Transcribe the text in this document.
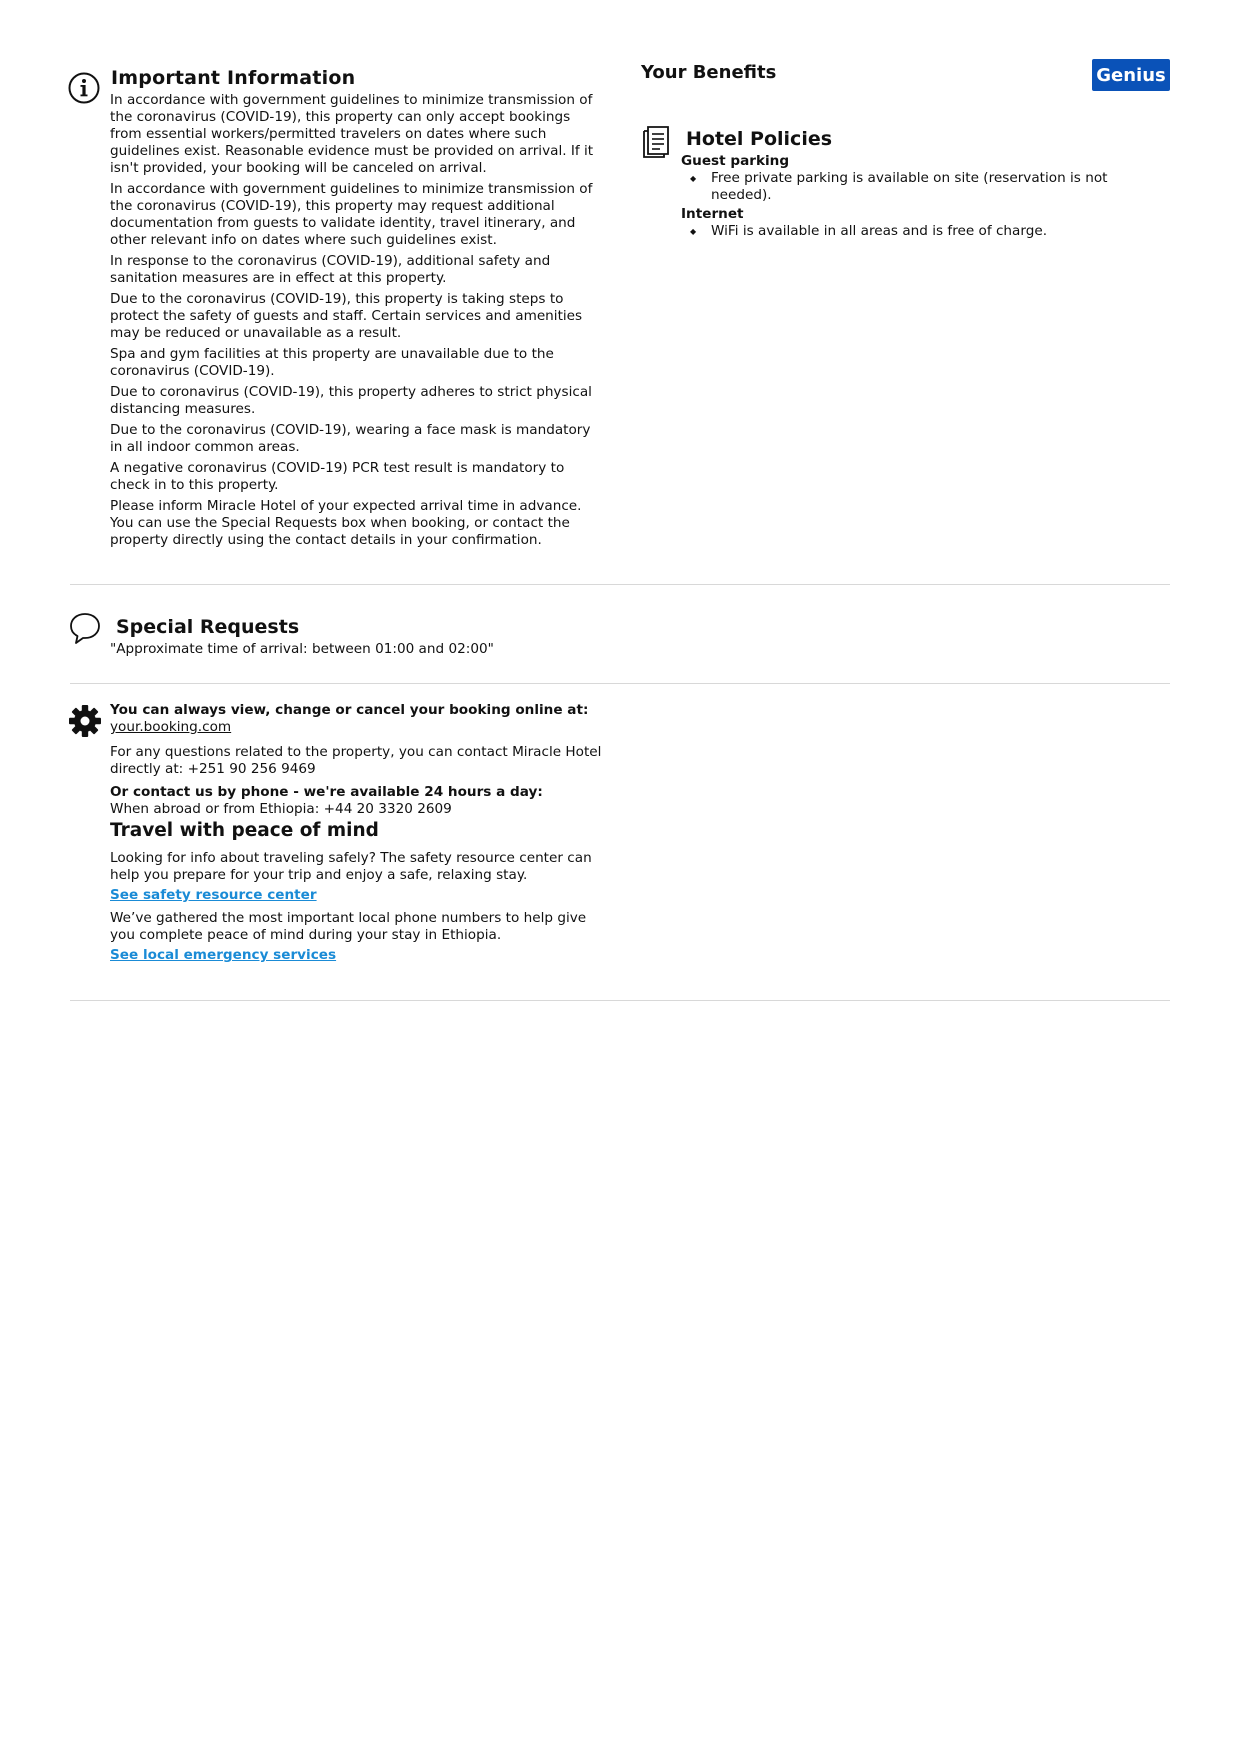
Important Information

In accordance with government guidelines to minimize transmission of the coronavirus (COVID-19), this property can only accept bookings from essential workers/permitted travelers on dates where such guidelines exist. Reasonable evidence must be provided on arrival. If it isn't provided, your booking will be canceled on arrival.

In accordance with government guidelines to minimize transmission of the coronavirus (COVID-19), this property may request additional documentation from guests to validate identity, travel itinerary, and other relevant info on dates where such guidelines exist.

In response to the coronavirus (COVID-19), additional safety and sanitation measures are in effect at this property.

Due to the coronavirus (COVID-19), this property is taking steps to protect the safety of guests and staff. Certain services and amenities may be reduced or unavailable as a result.

Spa and gym facilities at this property are unavailable due to the coronavirus (COVID-19).

Due to coronavirus (COVID-19), this property adheres to strict physical distancing measures.

Due to the coronavirus (COVID-19), wearing a face mask is mandatory in all indoor common areas.

A negative coronavirus (COVID-19) PCR test result is mandatory to check in to this property.

Please inform Miracle Hotel of your expected arrival time in advance. You can use the Special Requests box when booking, or contact the property directly using the contact details in your confirmation.

Your Benefits	Genius
Hotel Policies
Guest parking
◆ Free private parking is available on site (reservation is not needed).
Internet
◆ WiFi is available in all areas and is free of charge.
Special Requests
"Approximate time of arrival: between 01:00 and 02:00"

You can always view, change or cancel your booking online at:
your.booking.com

For any questions related to the property, you can contact Miracle Hotel directly at: +251 90 256 9469

Or contact us by phone - we're available 24 hours a day:
When abroad or from Ethiopia: +44 20 3320 2609

Travel with peace of mind

Looking for info about traveling safely? The safety resource center can help you prepare for your trip and enjoy a safe, relaxing stay.

See safety resource center

We’ve gathered the most important local phone numbers to help give you complete peace of mind during your stay in Ethiopia.

See local emergency services
